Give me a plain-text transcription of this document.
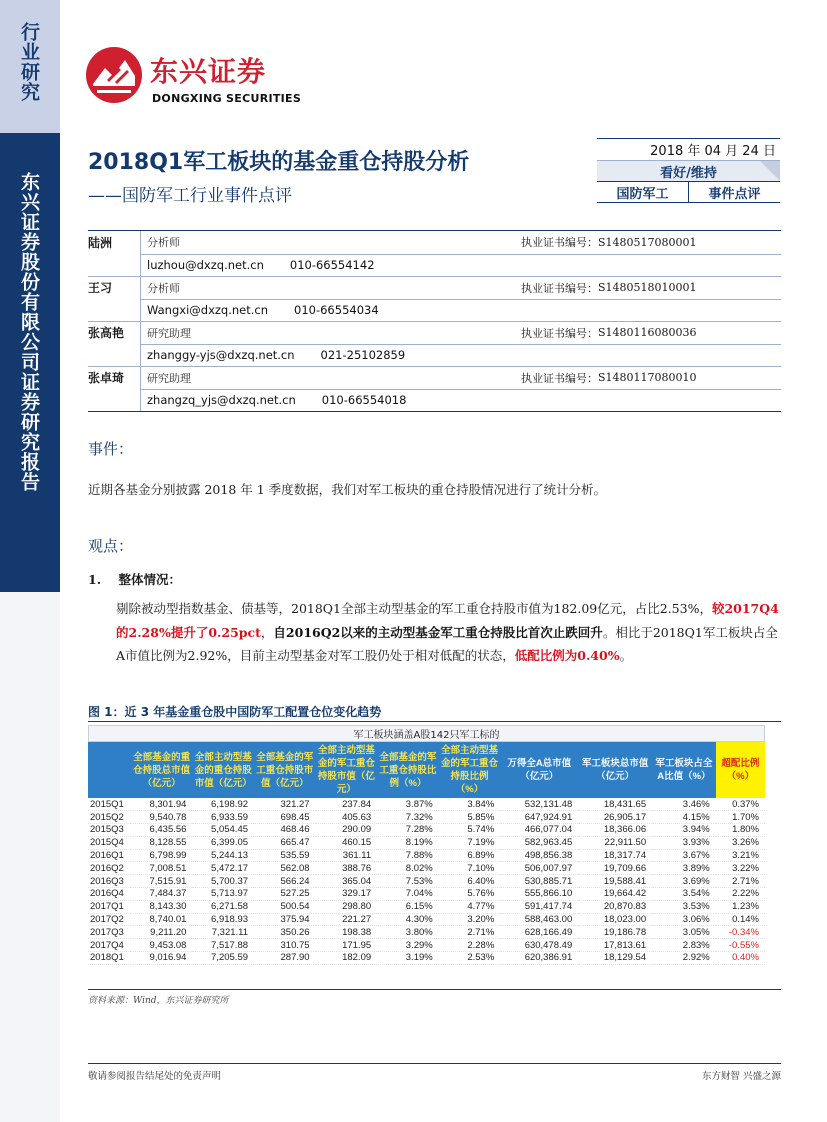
行业研究
东兴证券股份有限公司证券研究报告
东兴证券
DONGXING SECURITIES
2018Q1军工板块的基金重仓持股分析
——国防军工行业事件点评
2018 年 04 月 24 日
看好/维持
国防军工	事件点评
陆洲	分析师	执业证书编号： S1480517080001
luzhou@dxzq.net.cn 010-66554142
王习	分析师	执业证书编号： S1480518010001
Wangxi@dxzq.net.cn 010-66554034
张高艳	研究助理	执业证书编号： S1480116080036
zhanggy-yjs@dxzq.net.cn 021-25102859
张卓琦	研究助理	执业证书编号： S1480117080010
zhangzq_yjs@dxzq.net.cn 010-66554018
事件：
近期各基金分别披露 2018 年 1 季度数据，我们对军工板块的重仓持股情况进行了统计分析。
观点：
1. 整体情况：
剔除被动型指数基金、债基等，2018Q1全部主动型基金的军工重仓持股市值为182.09亿元，占比2.53%，较2017Q4的2.28%提升了0.25pct，自2016Q2以来的主动型基金军工重仓持股比首次止跌回升。相比于2018Q1军工板块占全A市值比例为2.92%，目前主动型基金对军工股仍处于相对低配的状态，低配比例为0.40%。
图 1：近 3 年基金重仓股中国防军工配置仓位变化趋势
军工板块涵盖A股142只军工标的
	全部基金的重仓持股总市值（亿元）	全部主动型基金的重仓持股市值（亿元）	全部基金的军工重仓持股市值（亿元）	全部主动型基金的军工重仓持股市值（亿元）	全部基金的军工重仓持股比例（%）	全部主动型基金的军工重仓持股比例（%）	万得全A总市值（亿元）	军工板块总市值（亿元）	军工板块占全A比值（%）	超配比例（%）
2015Q1	8,301.94	6,198.92	321.27	237.84	3.87%	3.84%	532,131.48	18,431.65	3.46%	0.37%
2015Q2	9,540.78	6,933.59	698.45	405.63	7.32%	5.85%	647,924.91	26,905.17	4.15%	1.70%
2015Q3	6,435.56	5,054.45	468.46	290.09	7.28%	5.74%	466,077.04	18,366.06	3.94%	1.80%
2015Q4	8,128.55	6,399.05	665.47	460.15	8.19%	7.19%	582,963.45	22,911.50	3.93%	3.26%
2016Q1	6,798.99	5,244.13	535.59	361.11	7.88%	6.89%	498,856.38	18,317.74	3.67%	3.21%
2016Q2	7,008.51	5,472.17	562.08	388.76	8.02%	7.10%	506,007.97	19,709.66	3.89%	3.22%
2016Q3	7,515.91	5,700.37	566.24	365.04	7.53%	6.40%	530,885.71	19,588.41	3.69%	2.71%
2016Q4	7,484.37	5,713.97	527.25	329.17	7.04%	5.76%	555,866.10	19,664.42	3.54%	2.22%
2017Q1	8,143.30	6,271.58	500.54	298.80	6.15%	4.77%	591,417.74	20,870.83	3.53%	1.23%
2017Q2	8,740.01	6,918.93	375.94	221.27	4.30%	3.20%	588,463.00	18,023.00	3.06%	0.14%
2017Q3	9,211.20	7,321.11	350.26	198.38	3.80%	2.71%	628,166.49	19,186.78	3.05%	-0.34%
2017Q4	9,453.08	7,517.88	310.75	171.95	3.29%	2.28%	630,478.49	17,813.61	2.83%	-0.55%
2018Q1	9,016.94	7,205.59	287.90	182.09	3.19%	2.53%	620,386.91	18,129.54	2.92%	0.40%
资料来源：Wind，东兴证券研究所
敬请参阅报告结尾处的免责声明	东方财智 兴盛之源
